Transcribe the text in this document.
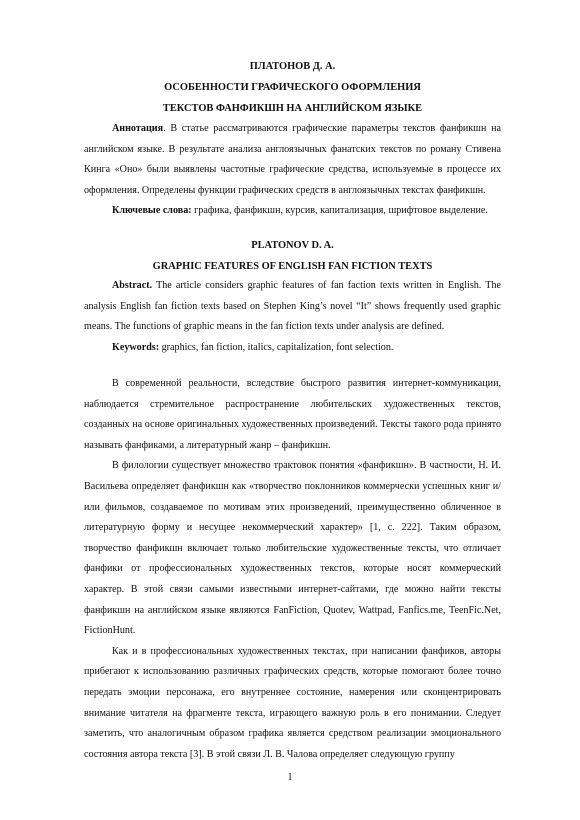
ПЛАТОНОВ Д. А.
ОСОБЕННОСТИ ГРАФИЧЕСКОГО ОФОРМЛЕНИЯ
ТЕКСТОВ ФАНФИКШН НА АНГЛИЙСКОМ ЯЗЫКЕ

Аннотация. В статье рассматриваются графические параметры текстов фанфикшн на английском языке. В результате анализа англоязычных фанатских текстов по роману Стивена Кинга «Оно» были выявлены частотные графические средства, используемые в процессе их оформления. Определены функции графических средств в англоязычных текстах фанфикшн.

Ключевые слова: графика, фанфикшн, курсив, капитализация, шрифтовое выделение.

PLATONOV D. A.
GRAPHIC FEATURES OF ENGLISH FAN FICTION TEXTS

Abstract. The article considers graphic features of fan faction texts written in English. The analysis English fan fiction texts based on Stephen King’s novel “It” shows frequently used graphic means. The functions of graphic means in the fan fiction texts under analysis are defined.

Keywords: graphics, fan fiction, italics, capitalization, font selection.

В современной реальности, вследствие быстрого развития интернет-коммуникации, наблюдается стремительное распространение любительских художественных текстов, созданных на основе оригинальных художественных произведений. Тексты такого рода принято называть фанфиками, а литературный жанр – фанфикшн.

В филологии существует множество трактовок понятия «фанфикшн». В частности, Н. И. Васильева определяет фанфикшн как «творчество поклонников коммерчески успешных книг и/или фильмов, создаваемое по мотивам этих произведений, преимущественно обличенное в литературную форму и несущее некоммерческий характер» [1, с. 222]. Таким образом, творчество фанфикшн включает только любительские художественные тексты, что отличает фанфики от профессиональных художественных текстов, которые носят коммерческий характер. В этой связи самыми известными интернет-сайтами, где можно найти тексты фанфикшн на английском языке являются FanFiction, Quotev, Wattpad, Fanfics.me, TeenFic.Net, FictionHunt.

Как и в профессиональных художественных текстах, при написании фанфиков, авторы прибегают к использованию различных графических средств, которые помогают более точно передать эмоции персонажа, его внутреннее состояние, намерения или сконцентрировать внимание читателя на фрагменте текста, играющего важную роль в его понимании. Следует заметить, что аналогичным образом графика является средством реализации эмоционального состояния автора текста [3]. В этой связи Л. В. Чалова определяет следующую группу

1
